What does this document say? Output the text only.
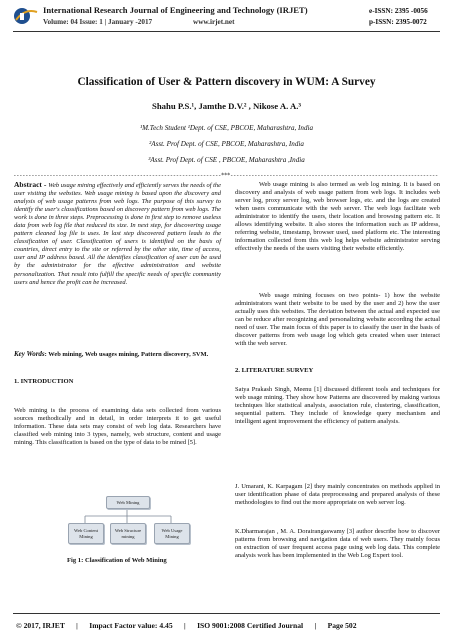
International Research Journal of Engineering and Technology (IRJET)
Volume: 04 Issue: 1 | January -2017	www.irjet.net
e-ISSN: 2395 -0056
p-ISSN: 2395-0072
Classification of User & Pattern discovery in WUM: A Survey
Shahu P.S.¹, Jamthe D.V.² , Nikose A. A.³
¹M.Tech Student ¹Dept. of CSE, PBCOE, Maharashtra, India
²Asst. Prof Dept. of CSE, PBCOE, Maharashtra, India
³Asst. Prof Dept. of CSE , PBCOE, Maharashtra ,India
---------------------------------------------------------------------***---------------------------------------------------------------------

Abstract - Web usage mining effectively and efficiently serves the needs of the user visiting the websites. Web usage mining is based upon the discovery and analysis of web usage patterns from web logs. The purpose of this survey to identify the user's classifications based on discovery pattern from web logs. The work is done in three steps. Preprocessing is done in first step to remove useless data from web log file that reduced its size. In next step, for discovering usage pattern cleaned log file is uses. In last step discovered pattern leads to the classification of user. Classification of users is identified on the basis of countries, direct entry to the site or referred by the other site, time of access, user and IP address based. All the identifies classification of user can be used by the administrator for the effective administration and website personalization. That result into fulfill the specific needs of specific community users and hence the profit can be increased.

Key Words: Web mining, Web usages mining, Pattern discovery, SVM.

1. INTRODUCTION
Web mining is the process of examining data sets collected from various sources methodically and in detail, in order interprets it to get useful information. These data sets may consist of web log data. Researchers have classified web mining into 3 types, namely, web structure, content and usage mining. This classification is based on the type of data to be mined [5].
Web Mining
Web Content Mining
Web Structure mining
Web Usage Mining
Fig 1: Classification of Web Mining
Web usage mining is also termed as web log mining. It is based on discovery and analysis of web usage pattern from web logs. It includes web server log, proxy server log, web browser logs, etc. and the logs are created when users communicate with the web server. The web logs facilitate web administrator to identify the users, their location and browsing pattern etc. It allows identifying website. It also stores the information such as IP address, referring website, timestamp, browser used, used platform etc. The interesting information collected from this web log helps website administrator serving effectively the needs of the users visiting their website efficiently.
Web usage mining focuses on two points- 1) how the website administrators want their website to be used by the user and 2) how the user actually uses this websites. The deviation between the actual and expected use can be reduce after recognizing and personalizing website according the actual need of user. The main focus of this paper is to classify the user in the basis of discover patterns from web usage log which gets created when user interact with the web server.
2. LITERATURE SURVEY
Satya Prakash Singh, Meenu [1] discussed different tools and techniques for web usage mining. They show how Patterns are discovered by making various techniques like statistical analysis, association rule, clustering, classification, sequential pattern. They include of knowledge query mechanism and intelligent agent improvement the efficiency of pattern analysis.
J. Umarani, K. Karpagam [2] they mainly concentrates on methods applied in user identification phase of data preprocessing and prepared analysis of these methodologies to find out the more appropriate on web server log.
K.Dharmarajan , M. A. Dorairangaswamy [3] author describe how to discover patterns from browsing and navigation data of web users. They mainly focus on extraction of user frequent access page using web log data. This complete analysis work has been implemented in the Web Log Expert tool.
© 2017, IRJET      |      Impact Factor value: 4.45      |      ISO 9001:2008 Certified Journal      |      Page 502
